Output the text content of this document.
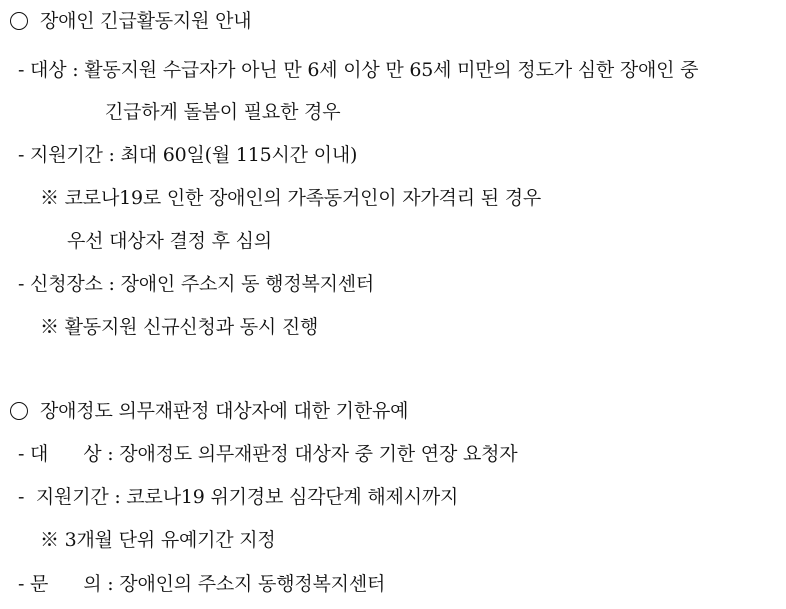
장애인 긴급활동지원 안내
- 대상 : 활동지원 수급자가 아닌 만 6세 이상 만 65세 미만의 정도가 심한 장애인 중
긴급하게 돌봄이 필요한 경우
- 지원기간 : 최대 60일(월 115시간 이내)
※ 코로나19로 인한 장애인의 가족동거인이 자가격리 된 경우
우선 대상자 결정 후 심의
- 신청장소 : 장애인 주소지 동 행정복지센터
※ 활동지원 신규신청과 동시 진행
장애정도 의무재판정 대상자에 대한 기한유예
- 대      상 : 장애정도 의무재판정 대상자 중 기한 연장 요청자
-  지원기간 : 코로나19 위기경보 심각단계 해제시까지
※ 3개월 단위 유예기간 지정
- 문      의 : 장애인의 주소지 동행정복지센터
